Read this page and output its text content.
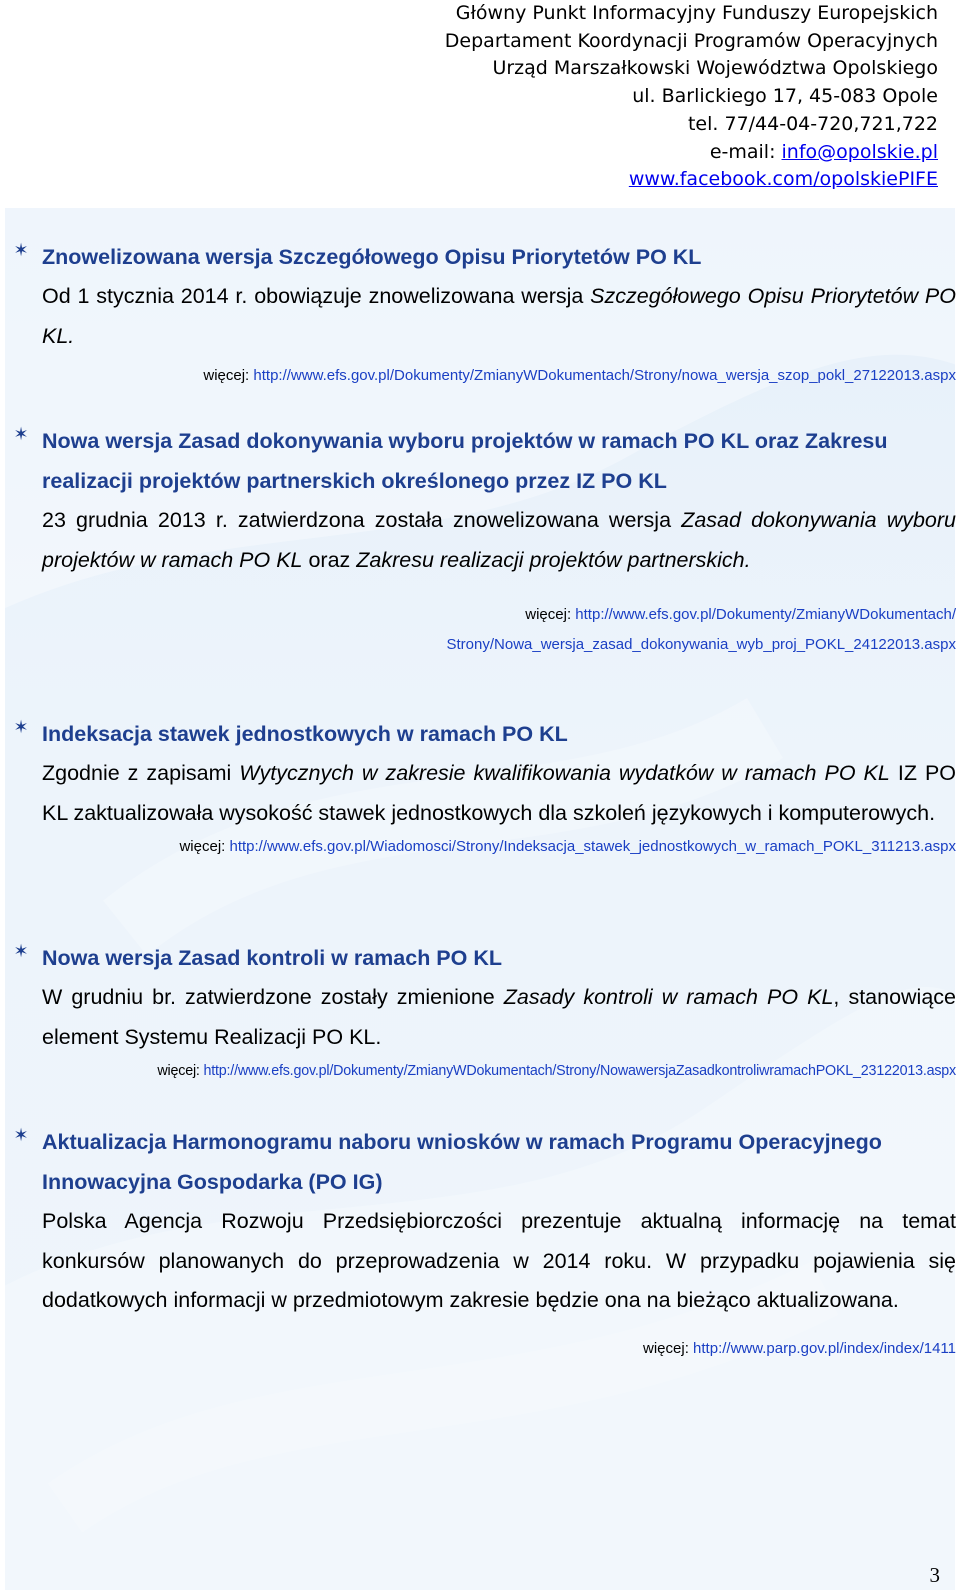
Główny Punkt Informacyjny Funduszy Europejskich
Departament Koordynacji Programów Operacyjnych
Urząd Marszałkowski Województwa Opolskiego
ul. Barlickiego 17, 45-083 Opole
tel. 77/44-04-720,721,722
e-mail: info@opolskie.pl
www.facebook.com/opolskiePIFE
✶ Znowelizowana wersja Szczegółowego Opisu Priorytetów PO KL
Od 1 stycznia 2014 r. obowiązuje znowelizowana wersja Szczegółowego Opisu Priorytetów PO KL.
więcej: http://www.efs.gov.pl/Dokumenty/ZmianyWDokumentach/Strony/nowa_wersja_szop_pokl_27122013.aspx
✶ Nowa wersja Zasad dokonywania wyboru projektów w ramach PO KL oraz Zakresu realizacji projektów partnerskich określonego przez IZ PO KL
23 grudnia 2013 r. zatwierdzona została znowelizowana wersja Zasad dokonywania wyboru projektów w ramach PO KL oraz Zakresu realizacji projektów partnerskich.
więcej: http://www.efs.gov.pl/Dokumenty/ZmianyWDokumentach/
Strony/Nowa_wersja_zasad_dokonywania_wyb_proj_POKL_24122013.aspx
✶ Indeksacja stawek jednostkowych w ramach PO KL
Zgodnie z zapisami Wytycznych w zakresie kwalifikowania wydatków w ramach PO KL IZ PO KL zaktualizowała wysokość stawek jednostkowych dla szkoleń językowych i komputerowych.
więcej: http://www.efs.gov.pl/Wiadomosci/Strony/Indeksacja_stawek_jednostkowych_w_ramach_POKL_311213.aspx
✶ Nowa wersja Zasad kontroli w ramach PO KL
W grudniu br. zatwierdzone zostały zmienione Zasady kontroli w ramach PO KL, stanowiące element Systemu Realizacji PO KL.
więcej: http://www.efs.gov.pl/Dokumenty/ZmianyWDokumentach/Strony/NowawersjaZasadkontroliwramachPOKL_23122013.aspx
✶ Aktualizacja Harmonogramu naboru wniosków w ramach Programu Operacyjnego Innowacyjna Gospodarka (PO IG)
Polska Agencja Rozwoju Przedsiębiorczości prezentuje aktualną informację na temat konkursów planowanych do przeprowadzenia w 2014 roku. W przypadku pojawienia się dodatkowych informacji w przedmiotowym zakresie będzie ona na bieżąco aktualizowana.
więcej: http://www.parp.gov.pl/index/index/1411
3
